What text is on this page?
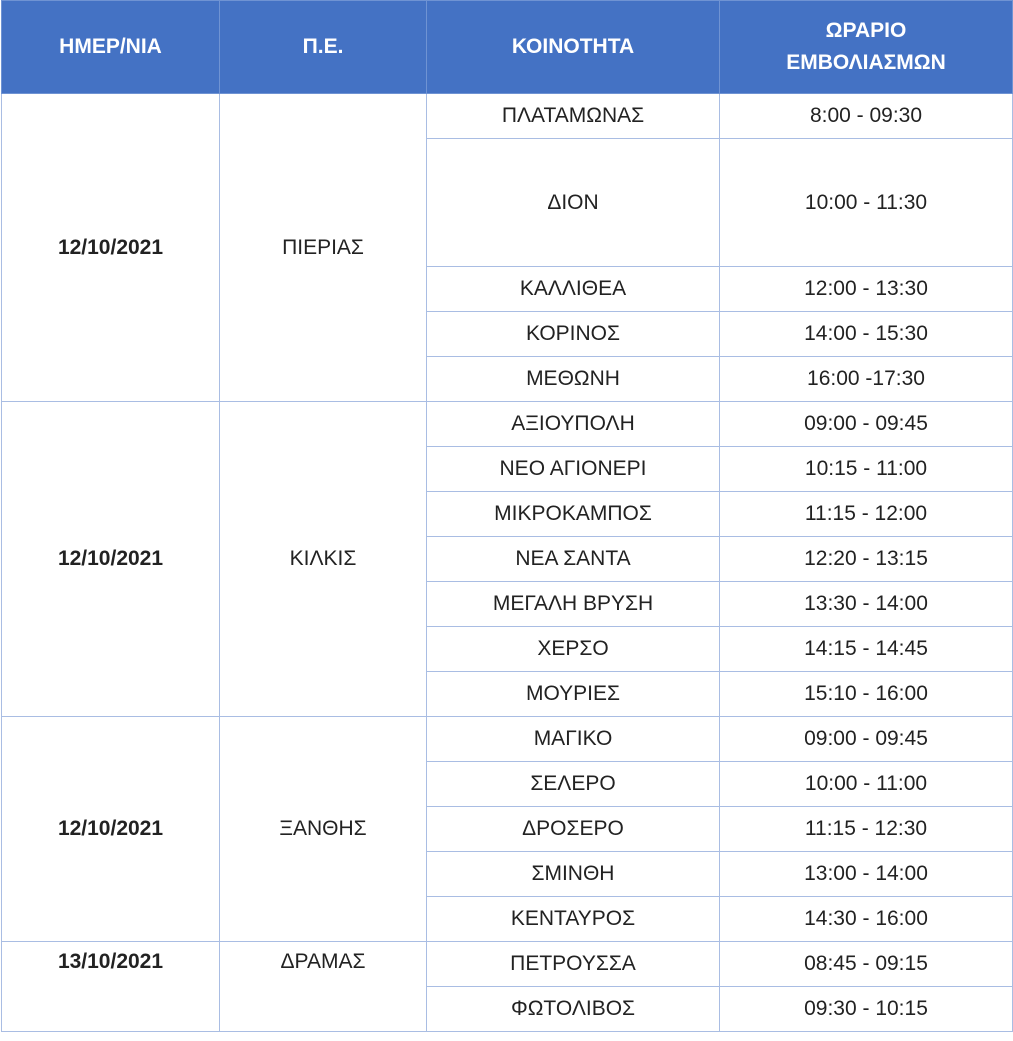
ΗΜΕΡ/ΝΙΑ	Π.Ε.	ΚΟΙΝΟΤΗΤΑ	ΩΡΑΡΙΟ ΕΜΒΟΛΙΑΣΜΩΝ
12/10/2021	ΠΙΕΡΙΑΣ	ΠΛΑΤΑΜΩΝΑΣ	8:00 - 09:30
		ΔΙΟΝ	10:00 - 11:30
		ΚΑΛΛΙΘΕΑ	12:00 - 13:30
		ΚΟΡΙΝΟΣ	14:00 - 15:30
		ΜΕΘΩΝΗ	16:00 -17:30
12/10/2021	ΚΙΛΚΙΣ	ΑΞΙΟΥΠΟΛΗ	09:00 - 09:45
		ΝΕΟ ΑΓΙΟΝΕΡΙ	10:15 - 11:00
		ΜΙΚΡΟΚΑΜΠΟΣ	11:15 - 12:00
		ΝΕΑ ΣΑΝΤΑ	12:20 - 13:15
		ΜΕΓΑΛΗ ΒΡΥΣΗ	13:30 - 14:00
		ΧΕΡΣΟ	14:15 - 14:45
		ΜΟΥΡΙΕΣ	15:10 - 16:00
12/10/2021	ΞΑΝΘΗΣ	ΜΑΓΙΚΟ	09:00 - 09:45
		ΣΕΛΕΡΟ	10:00 - 11:00
		ΔΡΟΣΕΡΟ	11:15 - 12:30
		ΣΜΙΝΘΗ	13:00 - 14:00
		ΚΕΝΤΑΥΡΟΣ	14:30 - 16:00
13/10/2021	ΔΡΑΜΑΣ	ΠΕΤΡΟΥΣΣΑ	08:45 - 09:15
		ΦΩΤΟΛΙΒΟΣ	09:30 - 10:15
